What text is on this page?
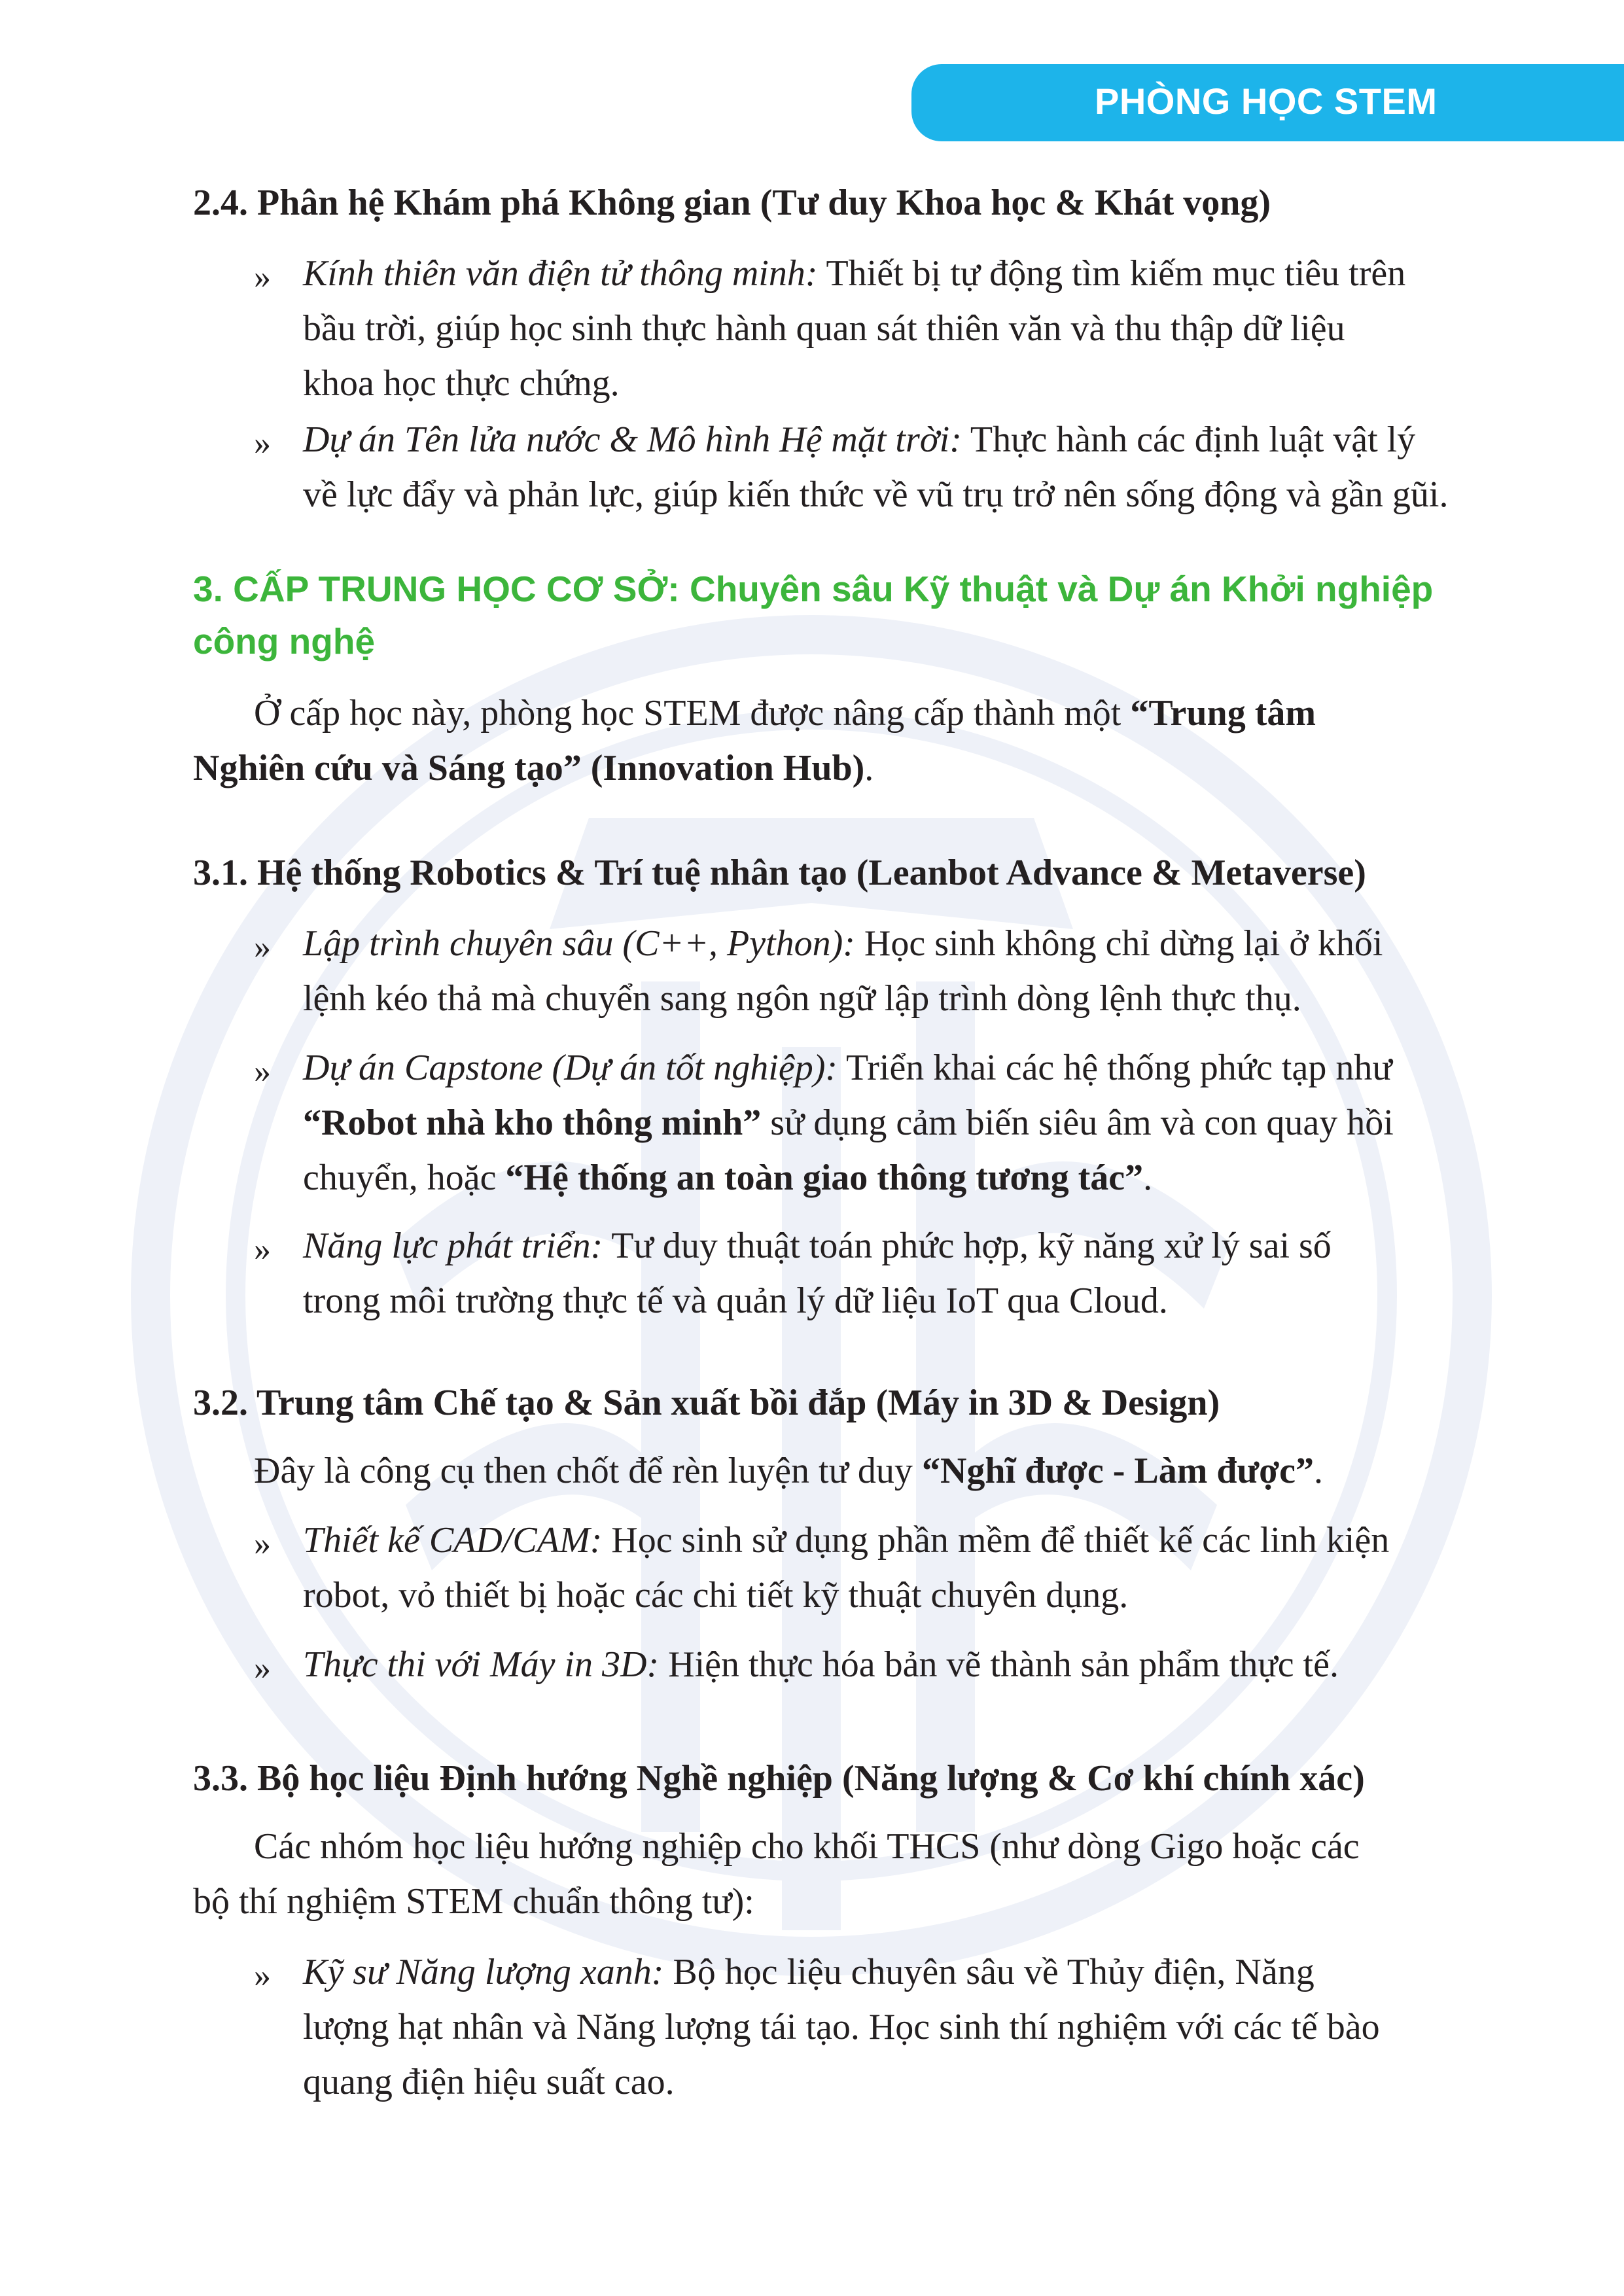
PHÒNG HỌC STEM
2.4. Phân hệ Khám phá Không gian (Tư duy Khoa học & Khát vọng)
» Kính thiên văn điện tử thông minh: Thiết bị tự động tìm kiếm mục tiêu trên
bầu trời, giúp học sinh thực hành quan sát thiên văn và thu thập dữ liệu
khoa học thực chứng.
» Dự án Tên lửa nước & Mô hình Hệ mặt trời: Thực hành các định luật vật lý
về lực đẩy và phản lực, giúp kiến thức về vũ trụ trở nên sống động và gần gũi.
3. CẤP TRUNG HỌC CƠ SỞ: Chuyên sâu Kỹ thuật và Dự án Khởi nghiệp
công nghệ
Ở cấp học này, phòng học STEM được nâng cấp thành một “Trung tâm
Nghiên cứu và Sáng tạo” (Innovation Hub).
3.1. Hệ thống Robotics & Trí tuệ nhân tạo (Leanbot Advance & Metaverse)
» Lập trình chuyên sâu (C++, Python): Học sinh không chỉ dừng lại ở khối
lệnh kéo thả mà chuyển sang ngôn ngữ lập trình dòng lệnh thực thụ.
» Dự án Capstone (Dự án tốt nghiệp): Triển khai các hệ thống phức tạp như
“Robot nhà kho thông minh” sử dụng cảm biến siêu âm và con quay hồi
chuyển, hoặc “Hệ thống an toàn giao thông tương tác”.
» Năng lực phát triển: Tư duy thuật toán phức hợp, kỹ năng xử lý sai số
trong môi trường thực tế và quản lý dữ liệu IoT qua Cloud.
3.2. Trung tâm Chế tạo & Sản xuất bồi đắp (Máy in 3D & Design)
Đây là công cụ then chốt để rèn luyện tư duy “Nghĩ được - Làm được”.
» Thiết kế CAD/CAM: Học sinh sử dụng phần mềm để thiết kế các linh kiện
robot, vỏ thiết bị hoặc các chi tiết kỹ thuật chuyên dụng.
» Thực thi với Máy in 3D: Hiện thực hóa bản vẽ thành sản phẩm thực tế.
3.3. Bộ học liệu Định hướng Nghề nghiệp (Năng lượng & Cơ khí chính xác)
Các nhóm học liệu hướng nghiệp cho khối THCS (như dòng Gigo hoặc các
bộ thí nghiệm STEM chuẩn thông tư):
» Kỹ sư Năng lượng xanh: Bộ học liệu chuyên sâu về Thủy điện, Năng
lượng hạt nhân và Năng lượng tái tạo. Học sinh thí nghiệm với các tế bào
quang điện hiệu suất cao.
